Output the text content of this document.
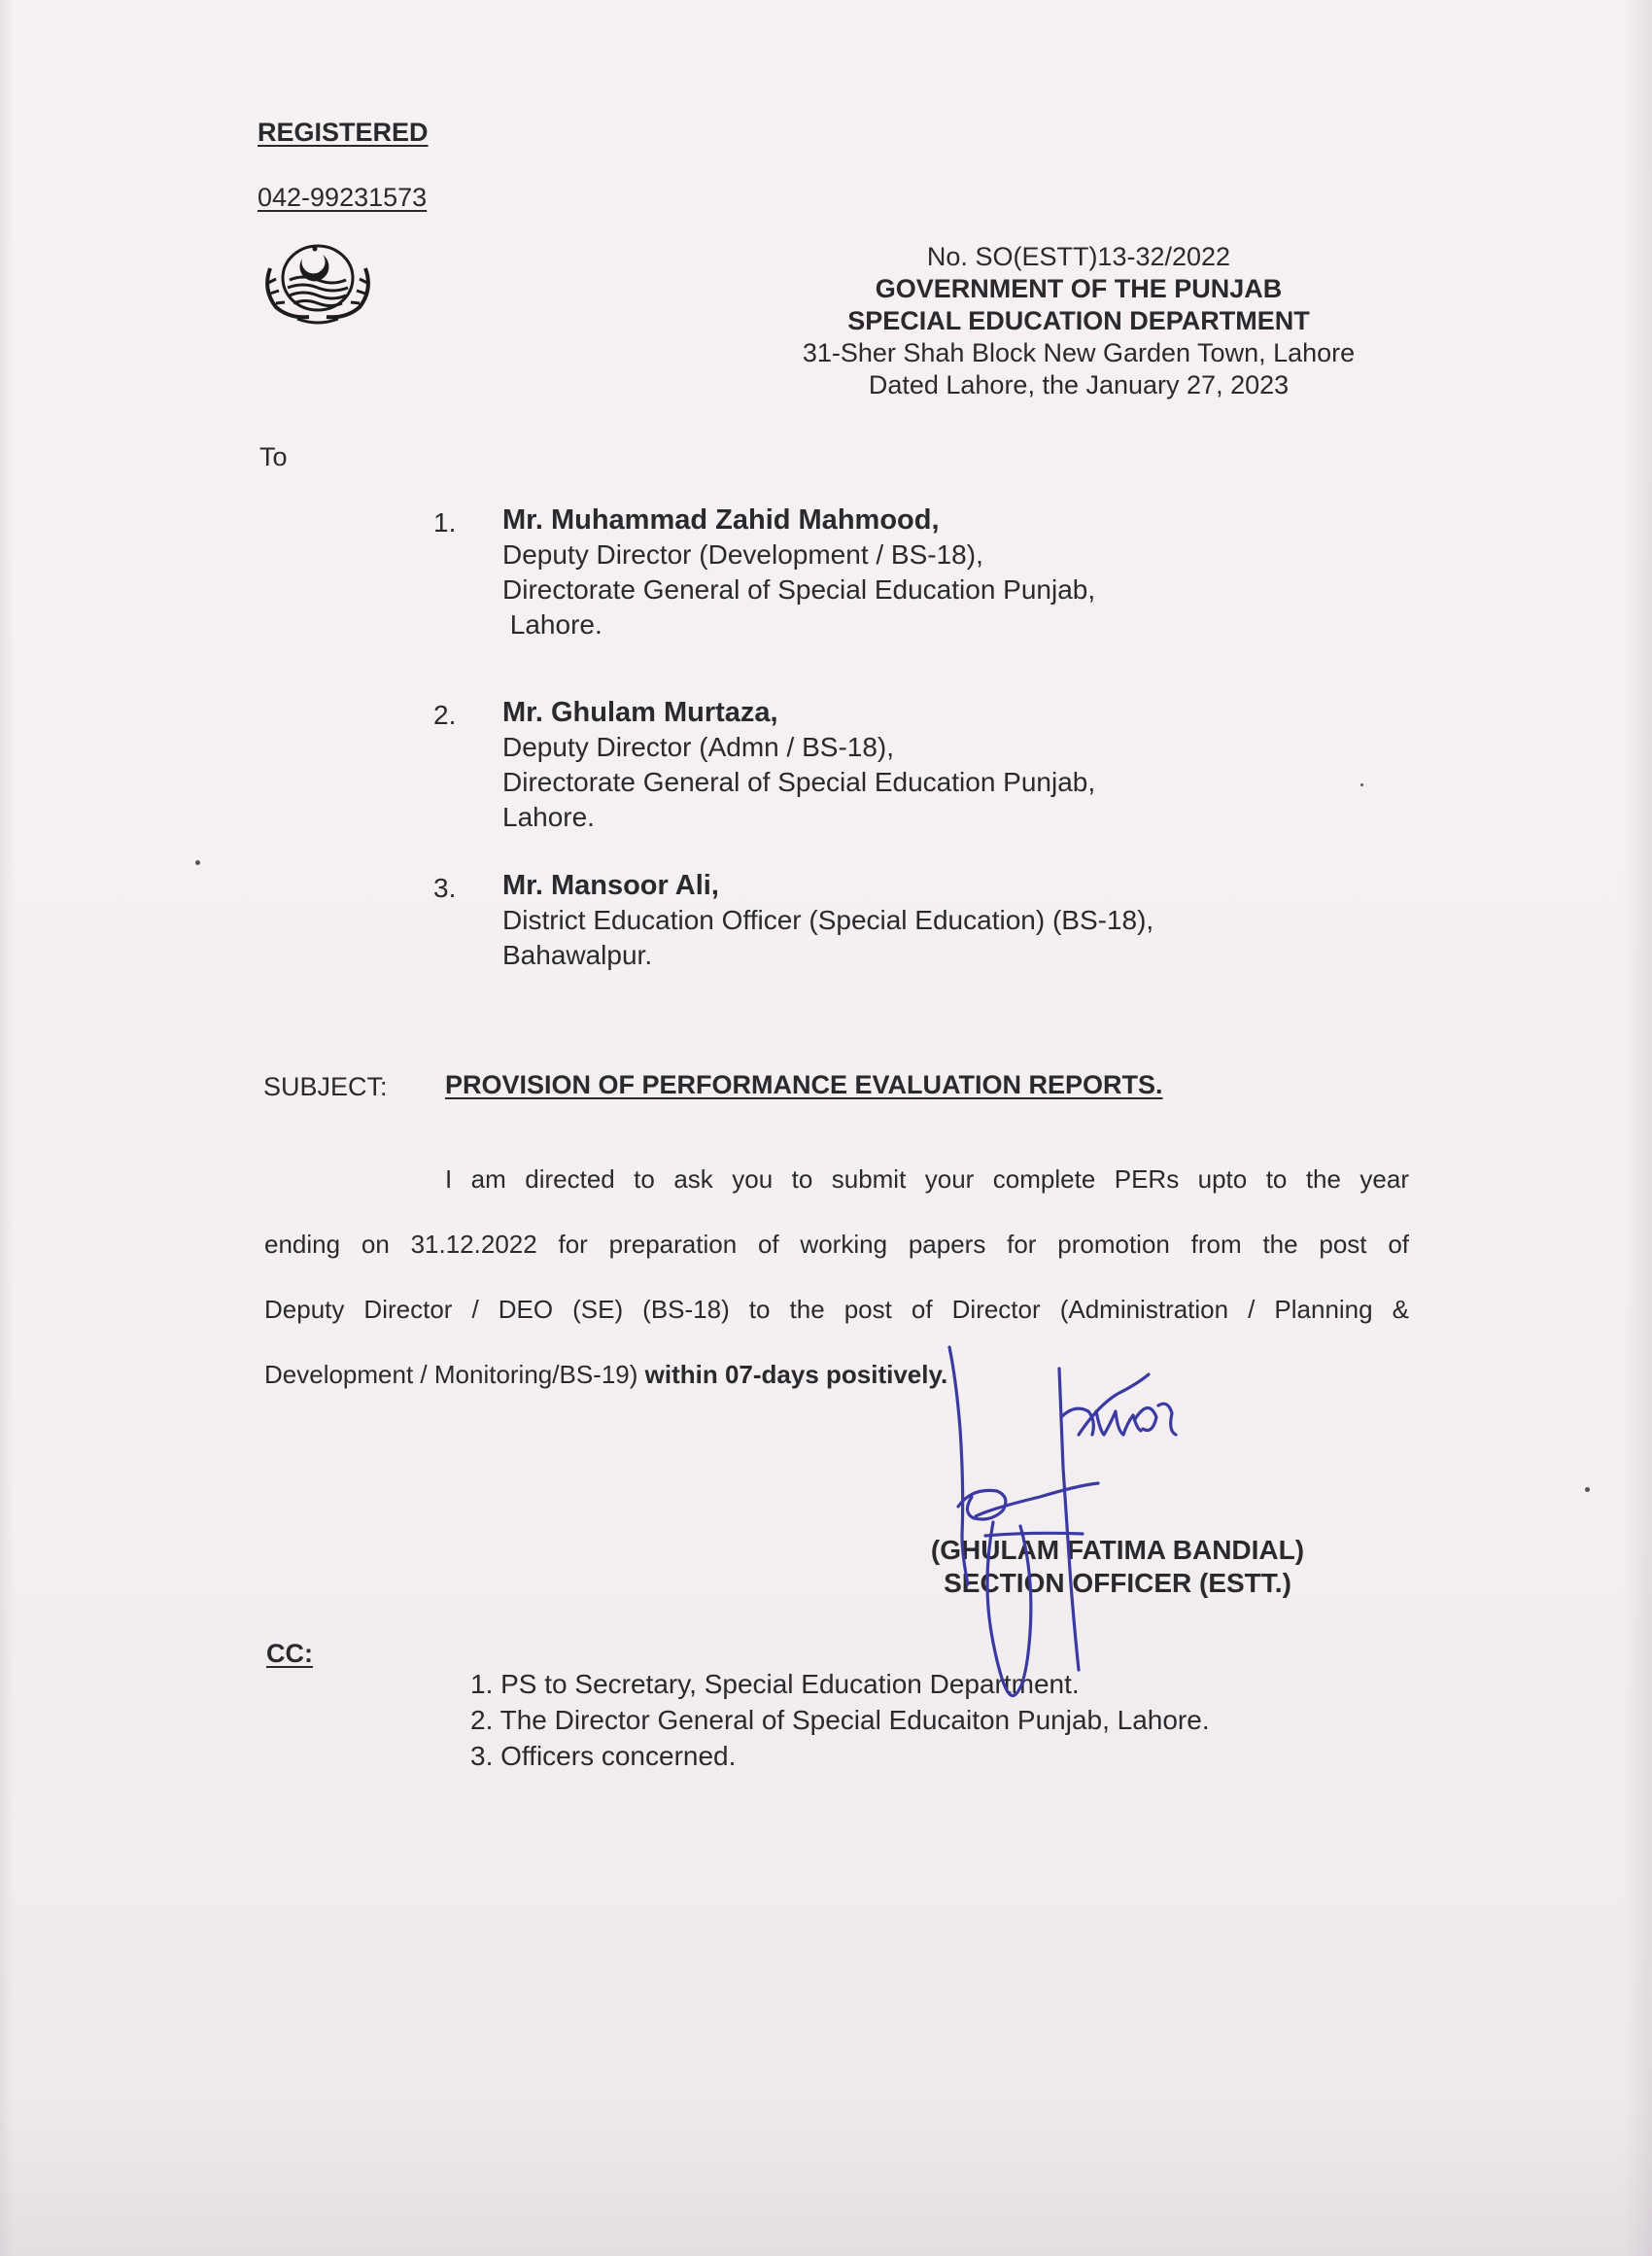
REGISTERED
042-99231573
No. SO(ESTT)13-32/2022
GOVERNMENT OF THE PUNJAB
SPECIAL EDUCATION DEPARTMENT
31-Sher Shah Block New Garden Town, Lahore
Dated Lahore, the January 27, 2023
To
1. Mr. Muhammad Zahid Mahmood,
Deputy Director (Development / BS-18),
Directorate General of Special Education Punjab,
Lahore.
2. Mr. Ghulam Murtaza,
Deputy Director (Admn / BS-18),
Directorate General of Special Education Punjab,
Lahore.
3. Mr. Mansoor Ali,
District Education Officer (Special Education) (BS-18),
Bahawalpur.
SUBJECT: PROVISION OF PERFORMANCE EVALUATION REPORTS.
I am directed to ask you to submit your complete PERs upto to the year
ending on 31.12.2022 for preparation of working papers for promotion from the post of
Deputy Director / DEO (SE) (BS-18) to the post of Director (Administration / Planning &
Development / Monitoring/BS-19) within 07-days positively.
(GHULAM FATIMA BANDIAL)
SECTION OFFICER (ESTT.)
CC:
1. PS to Secretary, Special Education Department.
2. The Director General of Special Educaiton Punjab, Lahore.
3. Officers concerned.
